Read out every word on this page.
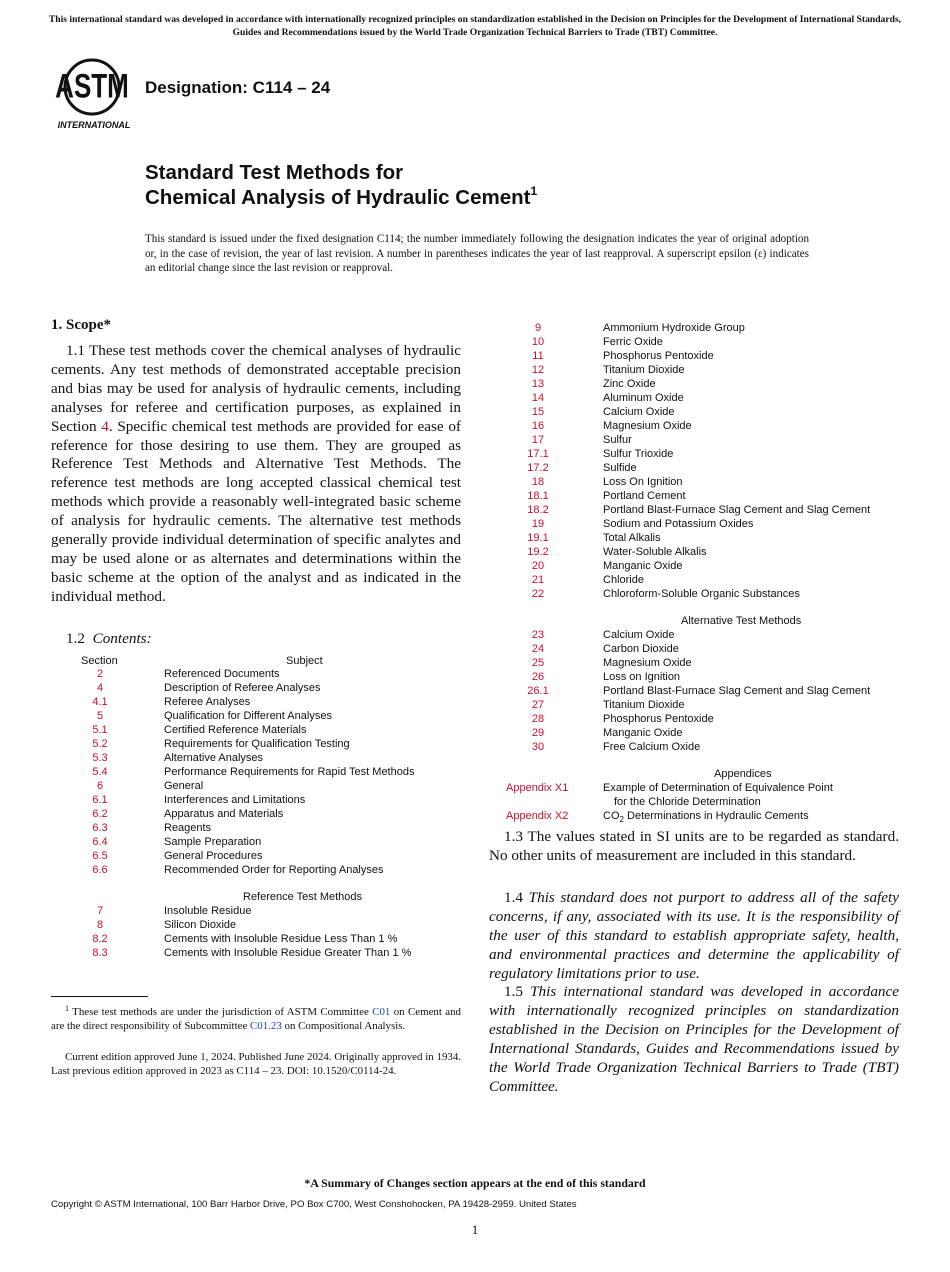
This international standard was developed in accordance with internationally recognized principles on standardization established in the Decision on Principles for the Development of International Standards, Guides and Recommendations issued by the World Trade Organization Technical Barriers to Trade (TBT) Committee.
ASTM
INTERNATIONAL
Designation: C114 – 24
Standard Test Methods for
Chemical Analysis of Hydraulic Cement$^1$
This standard is issued under the fixed designation C114; the number immediately following the designation indicates the year of original adoption or, in the case of revision, the year of last revision. A number in parentheses indicates the year of last reapproval. A superscript epsilon (ε) indicates an editorial change since the last revision or reapproval.
1. Scope*
1.1 These test methods cover the chemical analyses of hydraulic cements. Any test methods of demonstrated acceptable precision and bias may be used for analysis of hydraulic cements, including analyses for referee and certification purposes, as explained in Section 4. Specific chemical test methods are provided for ease of reference for those desiring to use them. They are grouped as Reference Test Methods and Alternative Test Methods. The reference test methods are long accepted classical chemical test methods which provide a reasonably well-integrated basic scheme of analysis for hydraulic cements. The alternative test methods generally provide individual determination of specific analytes and may be used alone or as alternates and determinations within the basic scheme at the option of the analyst and as indicated in the individual method.
1.2 Contents:
Section	Subject
2	Referenced Documents
4	Description of Referee Analyses
4.1	Referee Analyses
5	Qualification for Different Analyses
5.1	Certified Reference Materials
5.2	Requirements for Qualification Testing
5.3	Alternative Analyses
5.4	Performance Requirements for Rapid Test Methods
6	General
6.1	Interferences and Limitations
6.2	Apparatus and Materials
6.3	Reagents
6.4	Sample Preparation
6.5	General Procedures
6.6	Recommended Order for Reporting Analyses
Reference Test Methods
7	Insoluble Residue
8	Silicon Dioxide
8.2	Cements with Insoluble Residue Less Than 1 %
8.3	Cements with Insoluble Residue Greater Than 1 %
9	Ammonium Hydroxide Group
10	Ferric Oxide
11	Phosphorus Pentoxide
12	Titanium Dioxide
13	Zinc Oxide
14	Aluminum Oxide
15	Calcium Oxide
16	Magnesium Oxide
17	Sulfur
17.1	Sulfur Trioxide
17.2	Sulfide
18	Loss On Ignition
18.1	Portland Cement
18.2	Portland Blast-Furnace Slag Cement and Slag Cement
19	Sodium and Potassium Oxides
19.1	Total Alkalis
19.2	Water-Soluble Alkalis
20	Manganic Oxide
21	Chloride
22	Chloroform-Soluble Organic Substances
Alternative Test Methods
23	Calcium Oxide
24	Carbon Dioxide
25	Magnesium Oxide
26	Loss on Ignition
26.1	Portland Blast-Furnace Slag Cement and Slag Cement
27	Titanium Dioxide
28	Phosphorus Pentoxide
29	Manganic Oxide
30	Free Calcium Oxide
Appendices
Appendix X1	Example of Determination of Equivalence Point
for the Chloride Determination
Appendix X2	$CO_2$ Determinations in Hydraulic Cements
$^1$ These test methods are under the jurisdiction of ASTM Committee C01 on Cement and are the direct responsibility of Subcommittee C01.23 on Compositional Analysis.
Current edition approved June 1, 2024. Published June 2024. Originally approved in 1934. Last previous edition approved in 2023 as C114 – 23. DOI: 10.1520/C0114-24.
1.3 The values stated in SI units are to be regarded as standard. No other units of measurement are included in this standard.
1.4 This standard does not purport to address all of the safety concerns, if any, associated with its use. It is the responsibility of the user of this standard to establish appropriate safety, health, and environmental practices and determine the applicability of regulatory limitations prior to use.
1.5 This international standard was developed in accordance with internationally recognized principles on standardization established in the Decision on Principles for the Development of International Standards, Guides and Recommendations issued by the World Trade Organization Technical Barriers to Trade (TBT) Committee.
*A Summary of Changes section appears at the end of this standard
Copyright © ASTM International, 100 Barr Harbor Drive, PO Box C700, West Conshohocken, PA 19428-2959. United States
1
